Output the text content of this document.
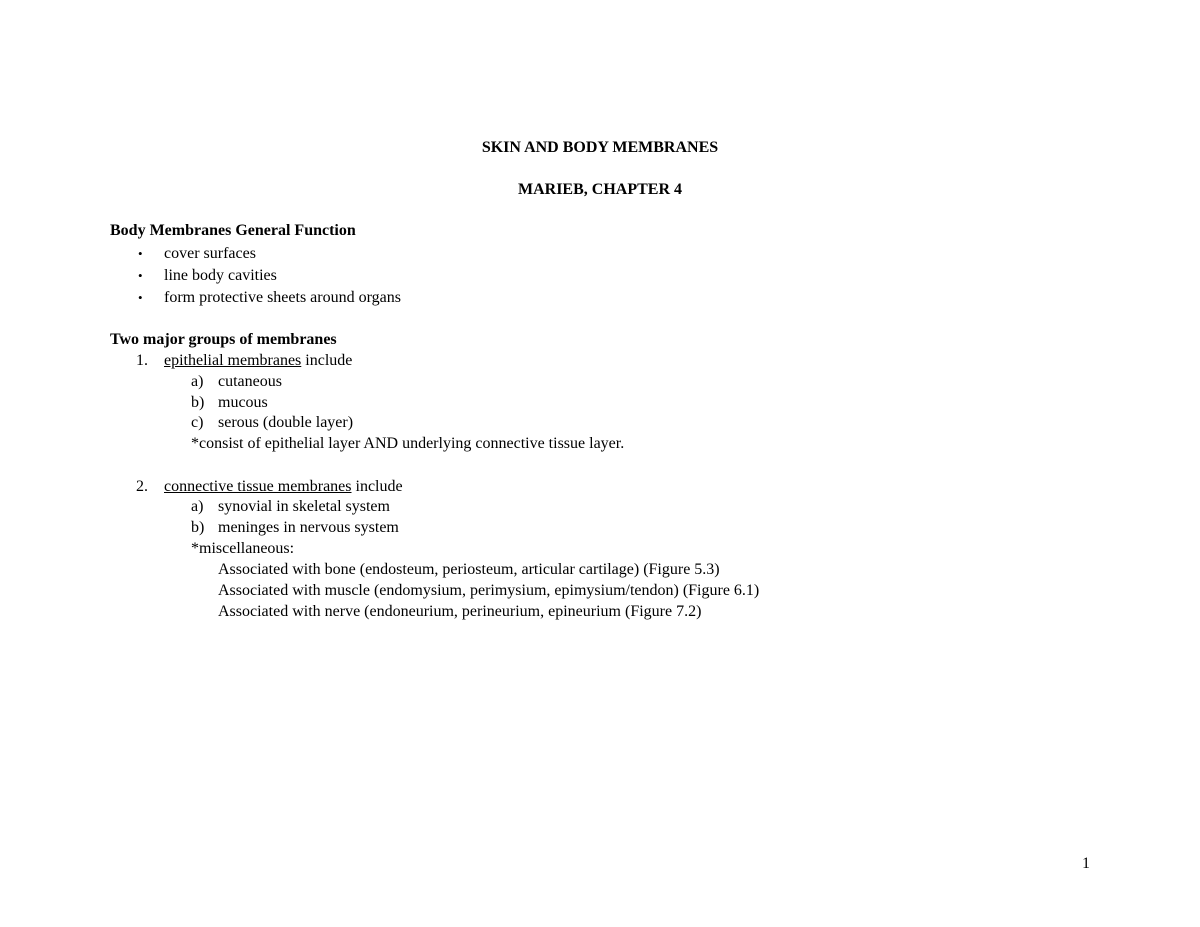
SKIN AND BODY MEMBRANES
MARIEB, CHAPTER 4
Body Membranes General Function
• cover surfaces
• line body cavities
• form protective sheets around organs
Two major groups of membranes
1. epithelial membranes include
a) cutaneous
b) mucous
c) serous (double layer)
*consist of epithelial layer AND underlying connective tissue layer.
2. connective tissue membranes include
a) synovial in skeletal system
b) meninges in nervous system
*miscellaneous:
Associated with bone (endosteum, periosteum, articular cartilage) (Figure 5.3)
Associated with muscle (endomysium, perimysium, epimysium/tendon) (Figure 6.1)
Associated with nerve (endoneurium, perineurium, epineurium (Figure 7.2)
1
